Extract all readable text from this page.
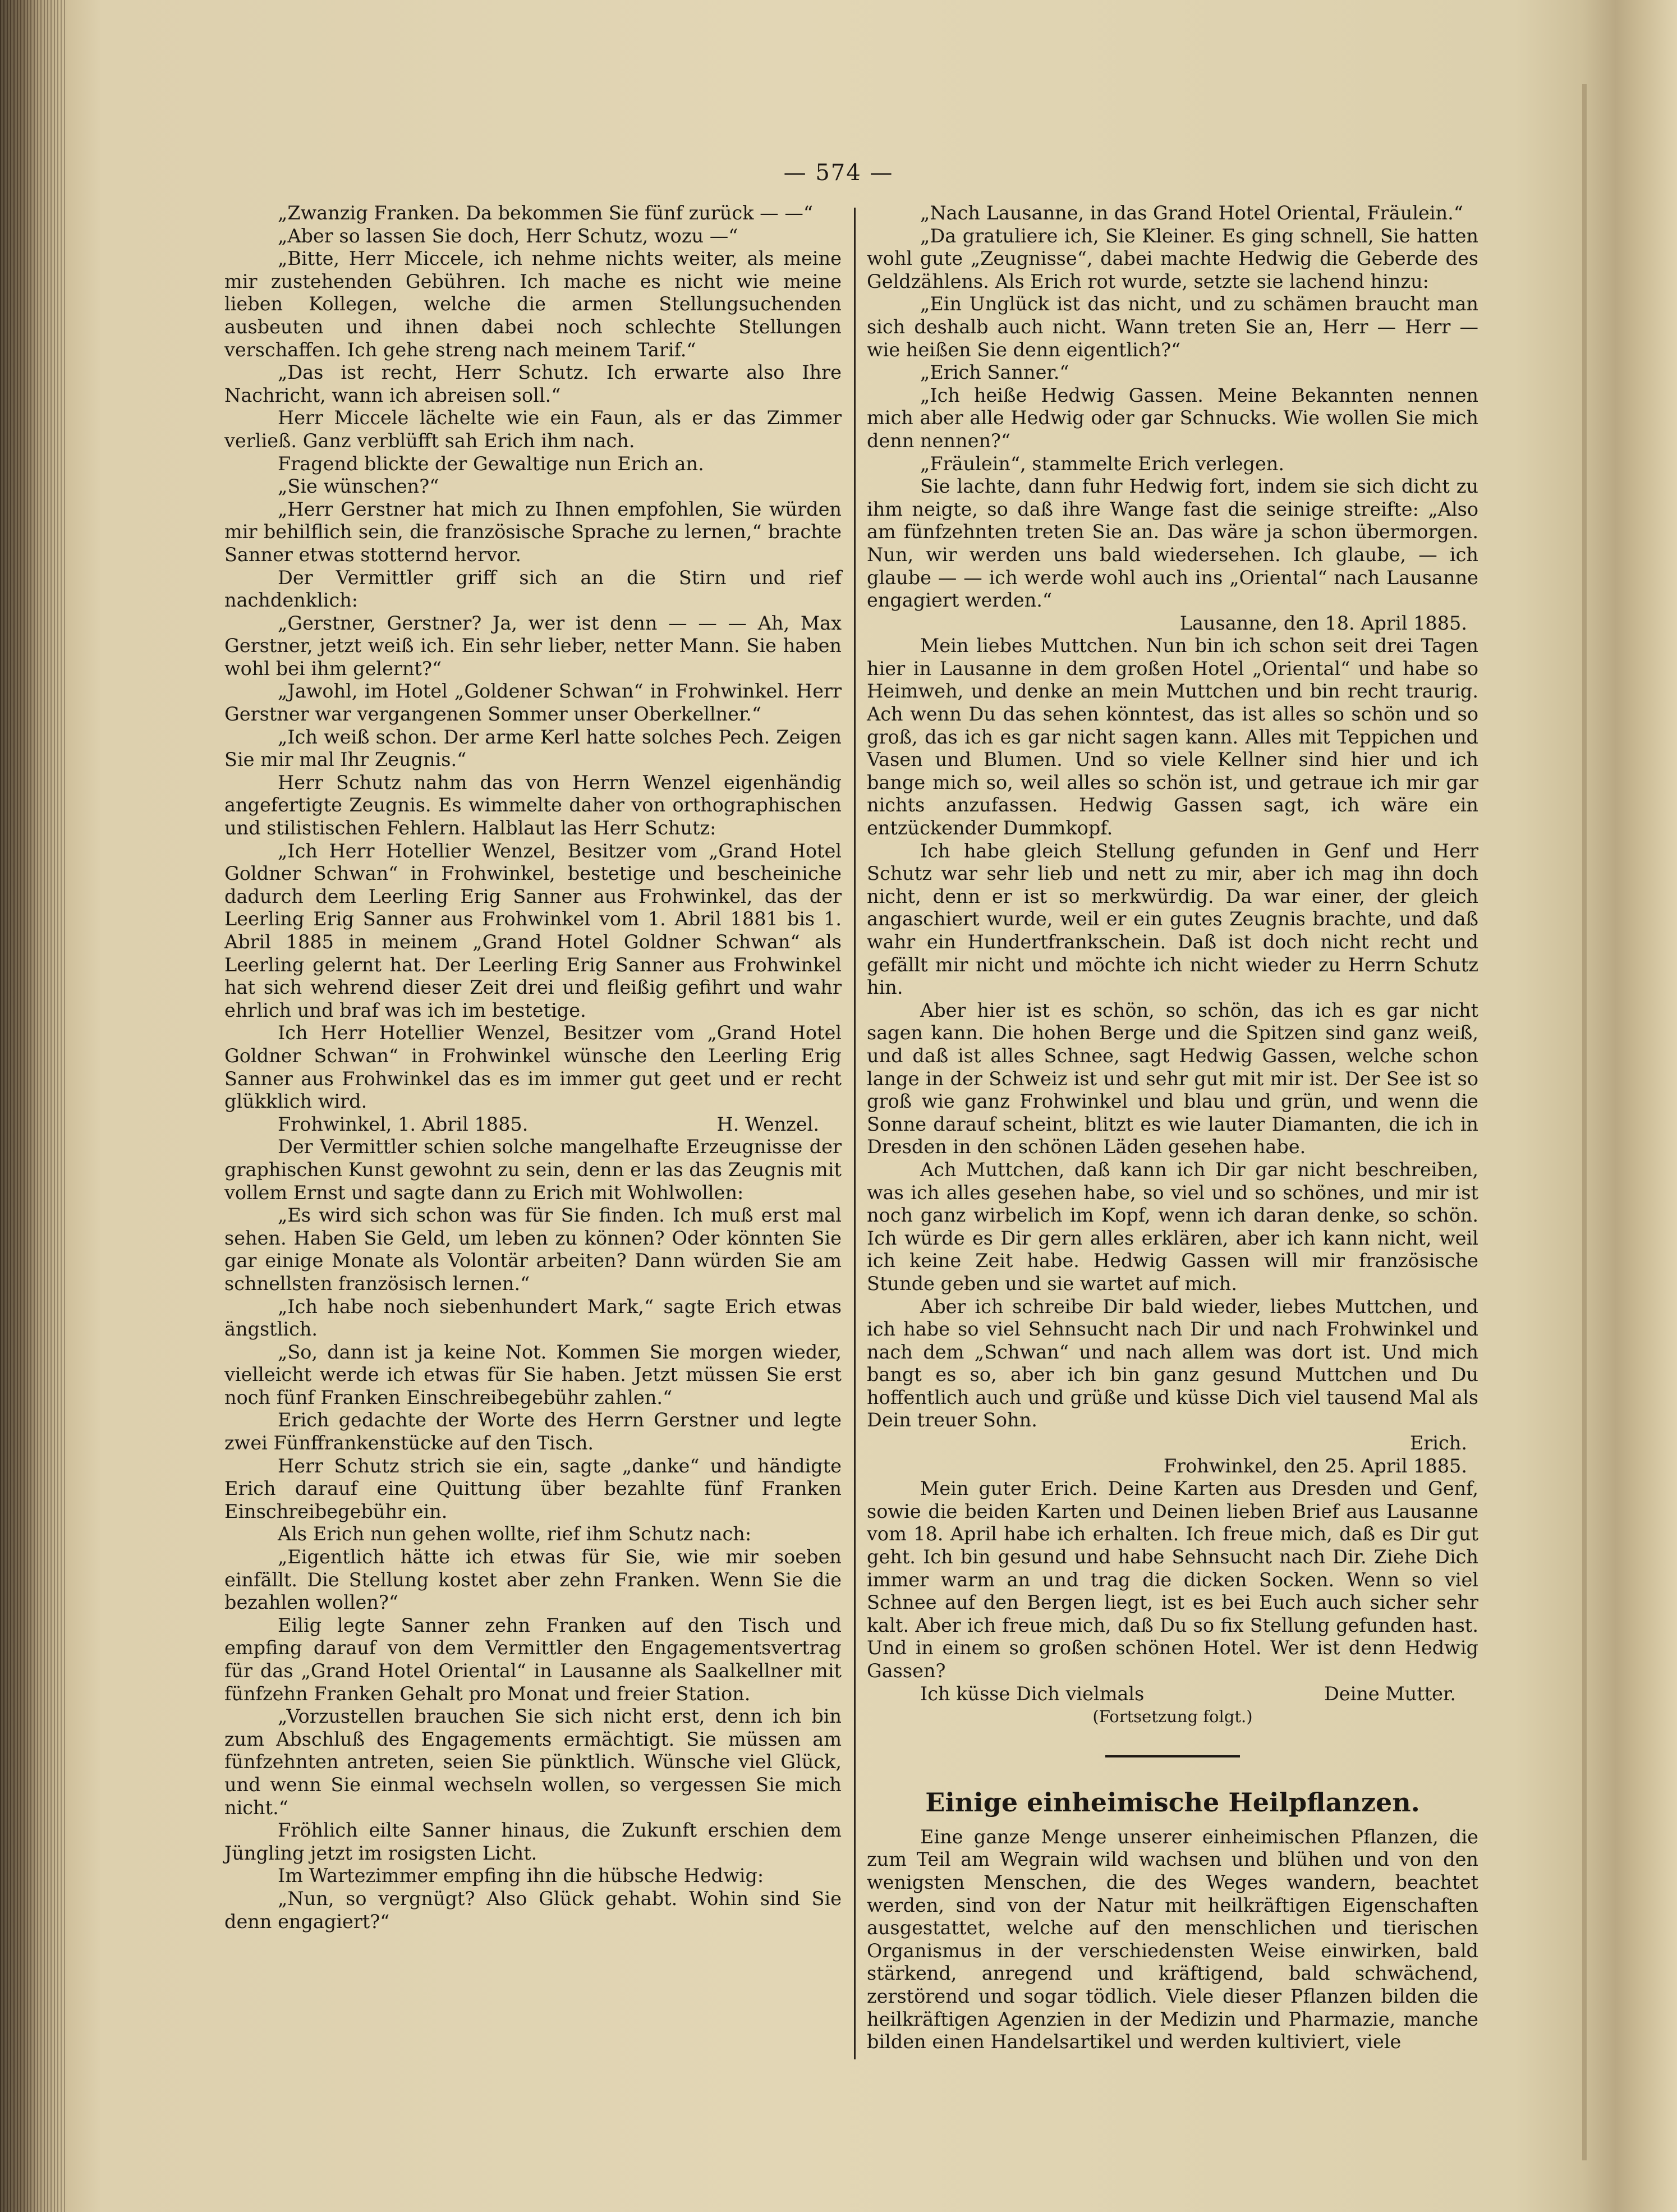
— 574 —

„Zwanzig Franken. Da bekommen Sie fünf zurück — —“

„Aber so lassen Sie doch, Herr Schutz, wozu —“

„Bitte, Herr Miccele, ich nehme nichts weiter, als meine mir zustehenden Gebühren. Ich mache es nicht wie meine lieben Kollegen, welche die armen Stellungsuchenden ausbeuten und ihnen dabei noch schlechte Stellungen verschaffen. Ich gehe streng nach meinem Tarif.“

„Das ist recht, Herr Schutz. Ich erwarte also Ihre Nachricht, wann ich abreisen soll.“

Herr Miccele lächelte wie ein Faun, als er das Zimmer verließ. Ganz verblüfft sah Erich ihm nach.

Fragend blickte der Gewaltige nun Erich an.

„Sie wünschen?“

„Herr Gerstner hat mich zu Ihnen empfohlen, Sie würden mir behilflich sein, die französische Sprache zu lernen,“ brachte Sanner etwas stotternd hervor.

Der Vermittler griff sich an die Stirn und rief nachdenklich:

„Gerstner, Gerstner? Ja, wer ist denn — — — Ah, Max Gerstner, jetzt weiß ich. Ein sehr lieber, netter Mann. Sie haben wohl bei ihm gelernt?“

„Jawohl, im Hotel „Goldener Schwan“ in Frohwinkel. Herr Gerstner war vergangenen Sommer unser Oberkellner.“

„Ich weiß schon. Der arme Kerl hatte solches Pech. Zeigen Sie mir mal Ihr Zeugnis.“

Herr Schutz nahm das von Herrn Wenzel eigenhändig angefertigte Zeugnis. Es wimmelte daher von orthographischen und stilistischen Fehlern. Halblaut las Herr Schutz:

„Ich Herr Hotellier Wenzel, Besitzer vom „Grand Hotel Goldner Schwan“ in Frohwinkel, bestetige und bescheiniche dadurch dem Leerling Erig Sanner aus Frohwinkel, das der Leerling Erig Sanner aus Frohwinkel vom 1. Abril 1881 bis 1. Abril 1885 in meinem „Grand Hotel Goldner Schwan“ als Leerling gelernt hat. Der Leerling Erig Sanner aus Frohwinkel hat sich wehrend dieser Zeit drei und fleißig gefihrt und wahr ehrlich und braf was ich im bestetige.

Ich Herr Hotellier Wenzel, Besitzer vom „Grand Hotel Goldner Schwan“ in Frohwinkel wünsche den Leerling Erig Sanner aus Frohwinkel das es im immer gut geet und er recht glükklich wird.

Frohwinkel, 1. Abril 1885.	H. Wenzel.

Der Vermittler schien solche mangelhafte Erzeugnisse der graphischen Kunst gewohnt zu sein, denn er las das Zeugnis mit vollem Ernst und sagte dann zu Erich mit Wohlwollen:

„Es wird sich schon was für Sie finden. Ich muß erst mal sehen. Haben Sie Geld, um leben zu können? Oder könnten Sie gar einige Monate als Volontär arbeiten? Dann würden Sie am schnellsten französisch lernen.“

„Ich habe noch siebenhundert Mark,“ sagte Erich etwas ängstlich.

„So, dann ist ja keine Not. Kommen Sie morgen wieder, vielleicht werde ich etwas für Sie haben. Jetzt müssen Sie erst noch fünf Franken Einschreibegebühr zahlen.“

Erich gedachte der Worte des Herrn Gerstner und legte zwei Fünffrankenstücke auf den Tisch.

Herr Schutz strich sie ein, sagte „danke“ und händigte Erich darauf eine Quittung über bezahlte fünf Franken Einschreibegebühr ein.

Als Erich nun gehen wollte, rief ihm Schutz nach:

„Eigentlich hätte ich etwas für Sie, wie mir soeben einfällt. Die Stellung kostet aber zehn Franken. Wenn Sie die bezahlen wollen?“

Eilig legte Sanner zehn Franken auf den Tisch und empfing darauf von dem Vermittler den Engagementsvertrag für das „Grand Hotel Oriental“ in Lausanne als Saalkellner mit fünfzehn Franken Gehalt pro Monat und freier Station.

„Vorzustellen brauchen Sie sich nicht erst, denn ich bin zum Abschluß des Engagements ermächtigt. Sie müssen am fünfzehnten antreten, seien Sie pünktlich. Wünsche viel Glück, und wenn Sie einmal wechseln wollen, so vergessen Sie mich nicht.“

Fröhlich eilte Sanner hinaus, die Zukunft erschien dem Jüngling jetzt im rosigsten Licht.

Im Wartezimmer empfing ihn die hübsche Hedwig:

„Nun, so vergnügt? Also Glück gehabt. Wohin sind Sie denn engagiert?“

„Nach Lausanne, in das Grand Hotel Oriental, Fräulein.“

„Da gratuliere ich, Sie Kleiner. Es ging schnell, Sie hatten wohl gute „Zeugnisse“, dabei machte Hedwig die Geberde des Geldzählens. Als Erich rot wurde, setzte sie lachend hinzu:

„Ein Unglück ist das nicht, und zu schämen braucht man sich deshalb auch nicht. Wann treten Sie an, Herr — Herr — wie heißen Sie denn eigentlich?“

„Erich Sanner.“

„Ich heiße Hedwig Gassen. Meine Bekannten nennen mich aber alle Hedwig oder gar Schnucks. Wie wollen Sie mich denn nennen?“

„Fräulein“, stammelte Erich verlegen.

Sie lachte, dann fuhr Hedwig fort, indem sie sich dicht zu ihm neigte, so daß ihre Wange fast die seinige streifte: „Also am fünfzehnten treten Sie an. Das wäre ja schon übermorgen. Nun, wir werden uns bald wiedersehen. Ich glaube, — ich glaube — — ich werde wohl auch ins „Oriental“ nach Lausanne engagiert werden.“

Lausanne, den 18. April 1885.

Mein liebes Muttchen. Nun bin ich schon seit drei Tagen hier in Lausanne in dem großen Hotel „Oriental“ und habe so Heimweh, und denke an mein Muttchen und bin recht traurig. Ach wenn Du das sehen könntest, das ist alles so schön und so groß, das ich es gar nicht sagen kann. Alles mit Teppichen und Vasen und Blumen. Und so viele Kellner sind hier und ich bange mich so, weil alles so schön ist, und getraue ich mir gar nichts anzufassen. Hedwig Gassen sagt, ich wäre ein entzückender Dummkopf.

Ich habe gleich Stellung gefunden in Genf und Herr Schutz war sehr lieb und nett zu mir, aber ich mag ihn doch nicht, denn er ist so merkwürdig. Da war einer, der gleich angaschiert wurde, weil er ein gutes Zeugnis brachte, und daß wahr ein Hundertfrankschein. Daß ist doch nicht recht und gefällt mir nicht und möchte ich nicht wieder zu Herrn Schutz hin.

Aber hier ist es schön, so schön, das ich es gar nicht sagen kann. Die hohen Berge und die Spitzen sind ganz weiß, und daß ist alles Schnee, sagt Hedwig Gassen, welche schon lange in der Schweiz ist und sehr gut mit mir ist. Der See ist so groß wie ganz Frohwinkel und blau und grün, und wenn die Sonne darauf scheint, blitzt es wie lauter Diamanten, die ich in Dresden in den schönen Läden gesehen habe.

Ach Muttchen, daß kann ich Dir gar nicht beschreiben, was ich alles gesehen habe, so viel und so schönes, und mir ist noch ganz wirbelich im Kopf, wenn ich daran denke, so schön. Ich würde es Dir gern alles erklären, aber ich kann nicht, weil ich keine Zeit habe. Hedwig Gassen will mir französische Stunde geben und sie wartet auf mich.

Aber ich schreibe Dir bald wieder, liebes Muttchen, und ich habe so viel Sehnsucht nach Dir und nach Frohwinkel und nach dem „Schwan“ und nach allem was dort ist. Und mich bangt es so, aber ich bin ganz gesund Muttchen und Du hoffentlich auch und grüße und küsse Dich viel tausend Mal als Dein treuer Sohn.

Erich.

Frohwinkel, den 25. April 1885.

Mein guter Erich. Deine Karten aus Dresden und Genf, sowie die beiden Karten und Deinen lieben Brief aus Lausanne vom 18. April habe ich erhalten. Ich freue mich, daß es Dir gut geht. Ich bin gesund und habe Sehnsucht nach Dir. Ziehe Dich immer warm an und trag die dicken Socken. Wenn so viel Schnee auf den Bergen liegt, ist es bei Euch auch sicher sehr kalt. Aber ich freue mich, daß Du so fix Stellung gefunden hast. Und in einem so großen schönen Hotel. Wer ist denn Hedwig Gassen?

Ich küsse Dich vielmals	Deine Mutter.

(Fortsetzung folgt.)

Einige einheimische Heilpflanzen.

Eine ganze Menge unserer einheimischen Pflanzen, die zum Teil am Wegrain wild wachsen und blühen und von den wenigsten Menschen, die des Weges wandern, beachtet werden, sind von der Natur mit heilkräftigen Eigenschaften ausgestattet, welche auf den menschlichen und tierischen Organismus in der verschiedensten Weise einwirken, bald stärkend, anregend und kräftigend, bald schwächend, zerstörend und sogar tödlich. Viele dieser Pflanzen bilden die heilkräftigen Agenzien in der Medizin und Pharmazie, manche bilden einen Handelsartikel und werden kultiviert, viele
